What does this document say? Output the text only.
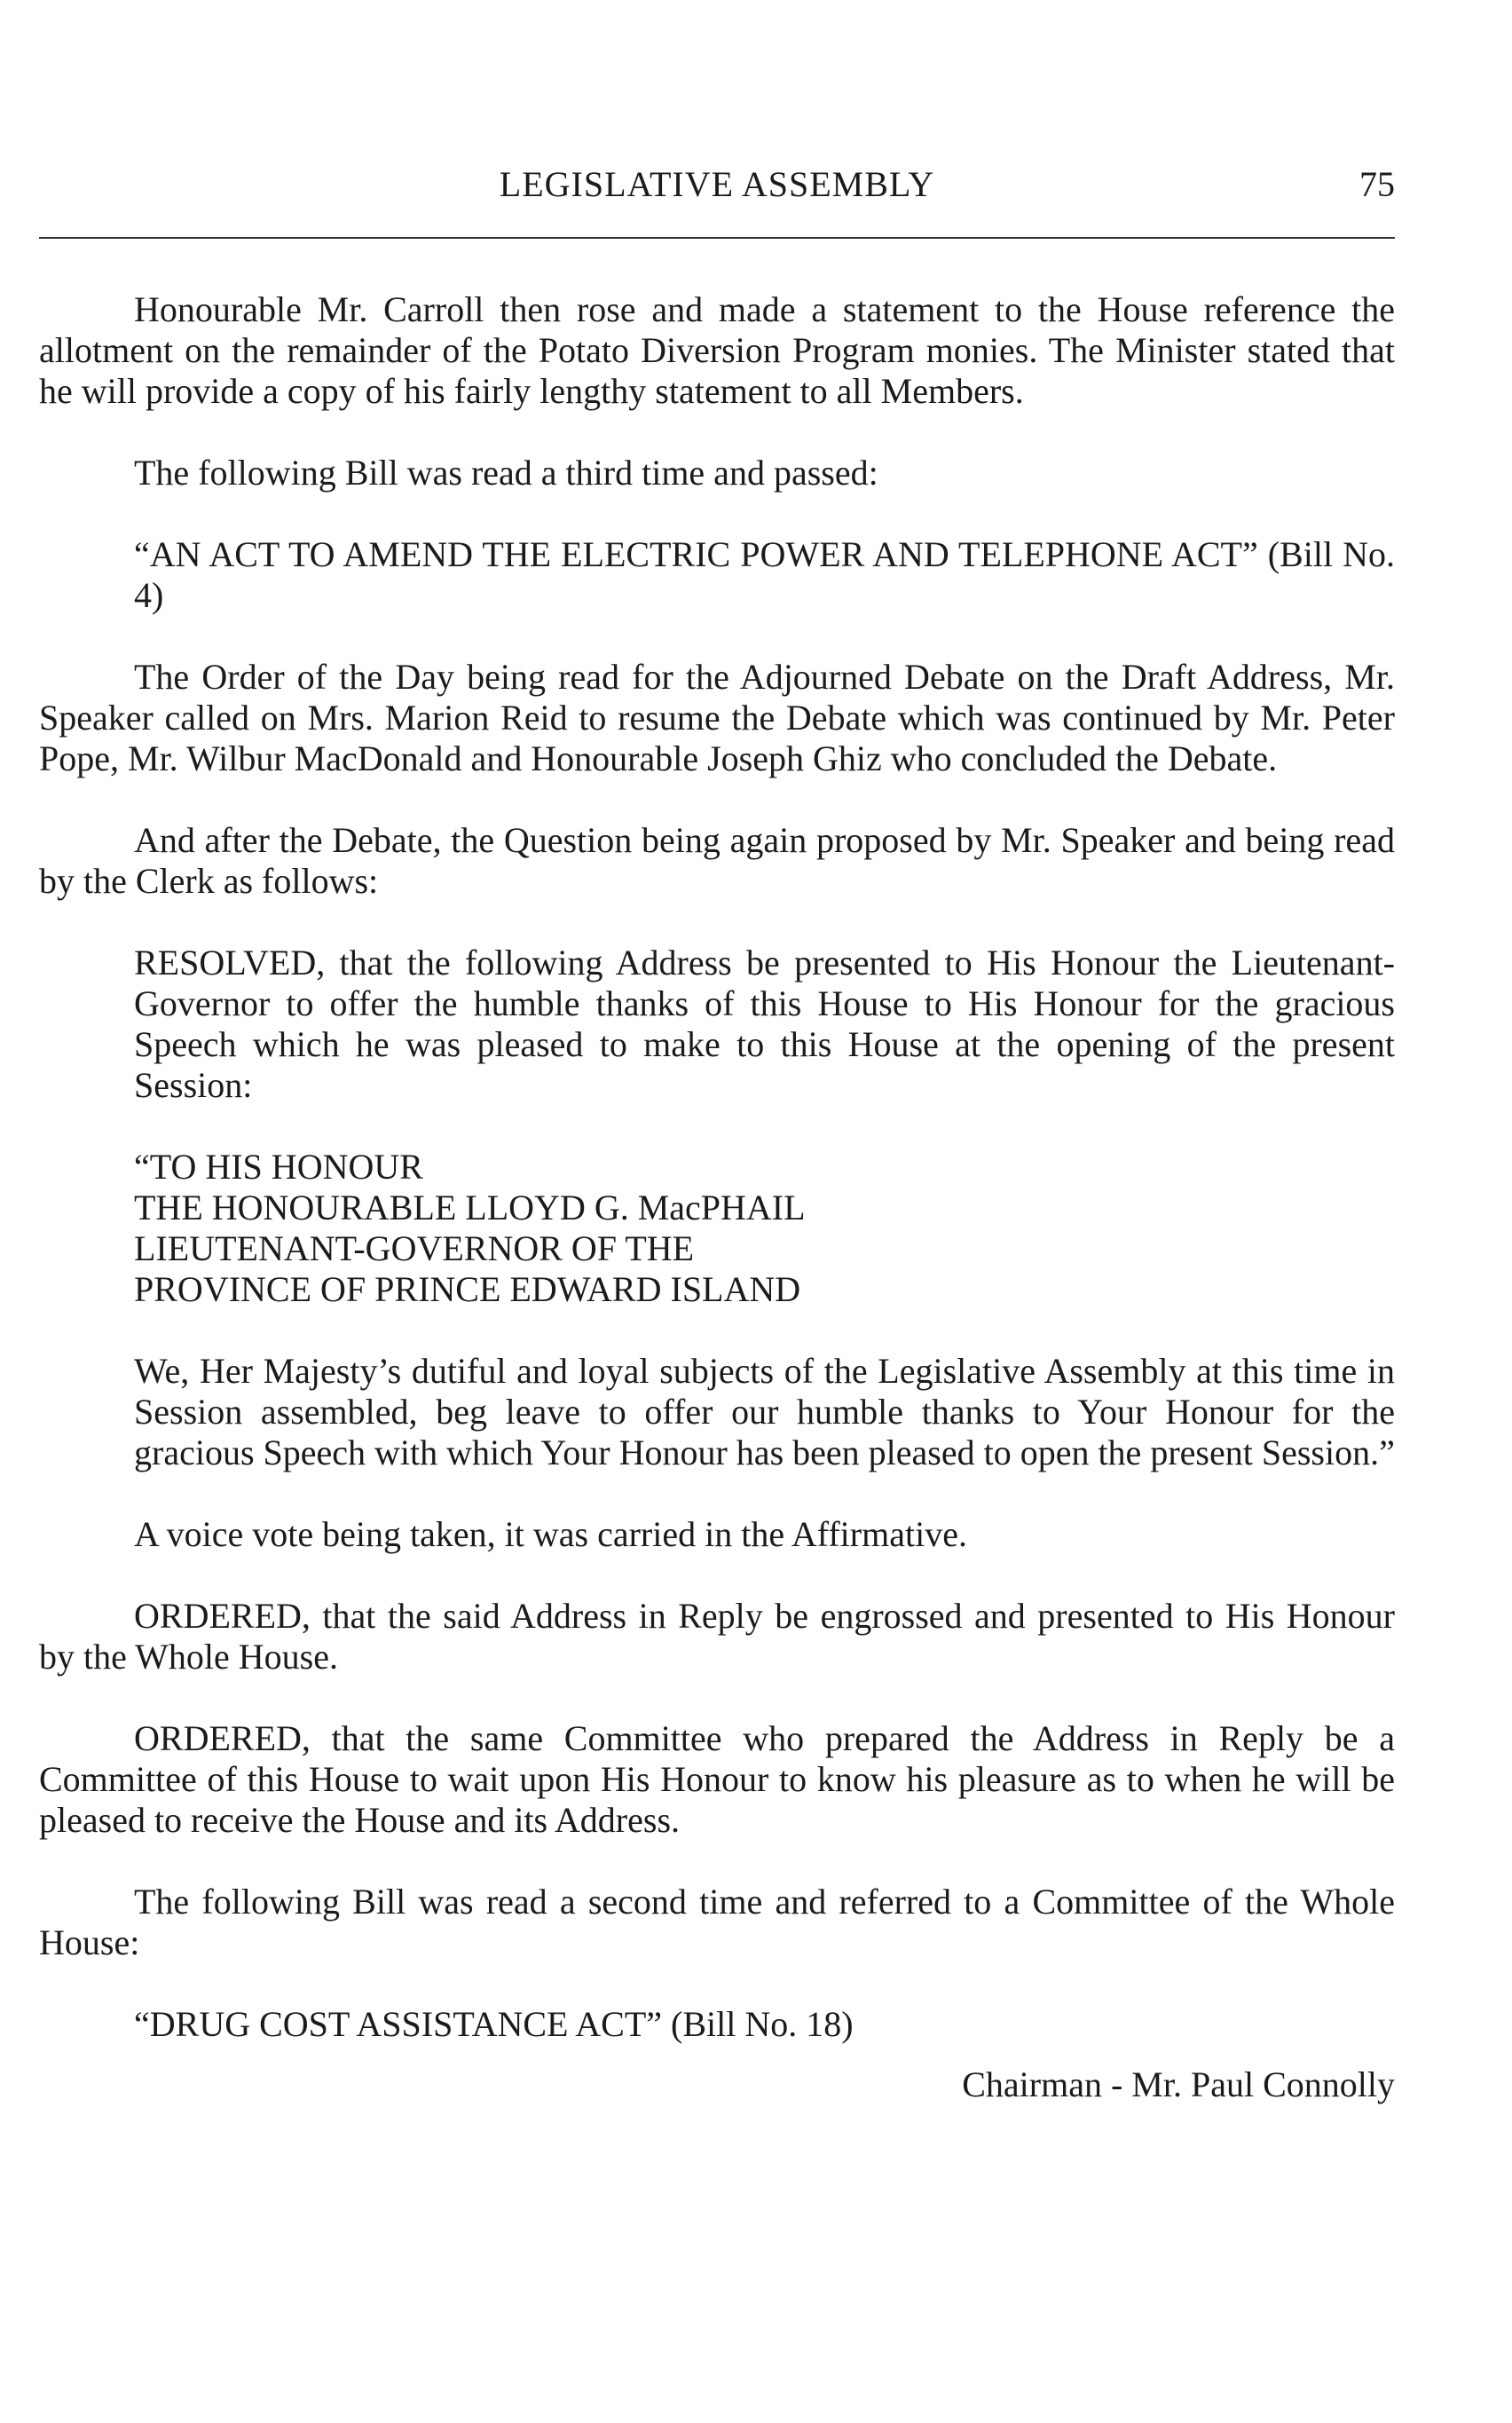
LEGISLATIVE ASSEMBLY	75

Honourable Mr. Carroll then rose and made a statement to the House reference the allotment on the remainder of the Potato Diversion Program monies. The Minister stated that he will provide a copy of his fairly lengthy statement to all Members.

The following Bill was read a third time and passed:

“AN ACT TO AMEND THE ELECTRIC POWER AND TELEPHONE ACT” (Bill No. 4)

The Order of the Day being read for the Adjourned Debate on the Draft Address, Mr. Speaker called on Mrs. Marion Reid to resume the Debate which was continued by Mr. Peter Pope, Mr. Wilbur MacDonald and Honourable Joseph Ghiz who concluded the Debate.

And after the Debate, the Question being again proposed by Mr. Speaker and being read by the Clerk as follows:

RESOLVED, that the following Address be presented to His Honour the Lieutenant-Governor to offer the humble thanks of this House to His Honour for the gracious Speech which he was pleased to make to this House at the opening of the present Session:

“TO HIS HONOUR
THE HONOURABLE LLOYD G. MacPHAIL
LIEUTENANT-GOVERNOR OF THE
PROVINCE OF PRINCE EDWARD ISLAND

We, Her Majesty’s dutiful and loyal subjects of the Legislative Assembly at this time in Session assembled, beg leave to offer our humble thanks to Your Honour for the gracious Speech with which Your Honour has been pleased to open the present Session.”

A voice vote being taken, it was carried in the Affirmative.

ORDERED, that the said Address in Reply be engrossed and presented to His Honour by the Whole House.

ORDERED, that the same Committee who prepared the Address in Reply be a Committee of this House to wait upon His Honour to know his pleasure as to when he will be pleased to receive the House and its Address.

The following Bill was read a second time and referred to a Committee of the Whole House:

“DRUG COST ASSISTANCE ACT” (Bill No. 18)

Chairman - Mr. Paul Connolly
